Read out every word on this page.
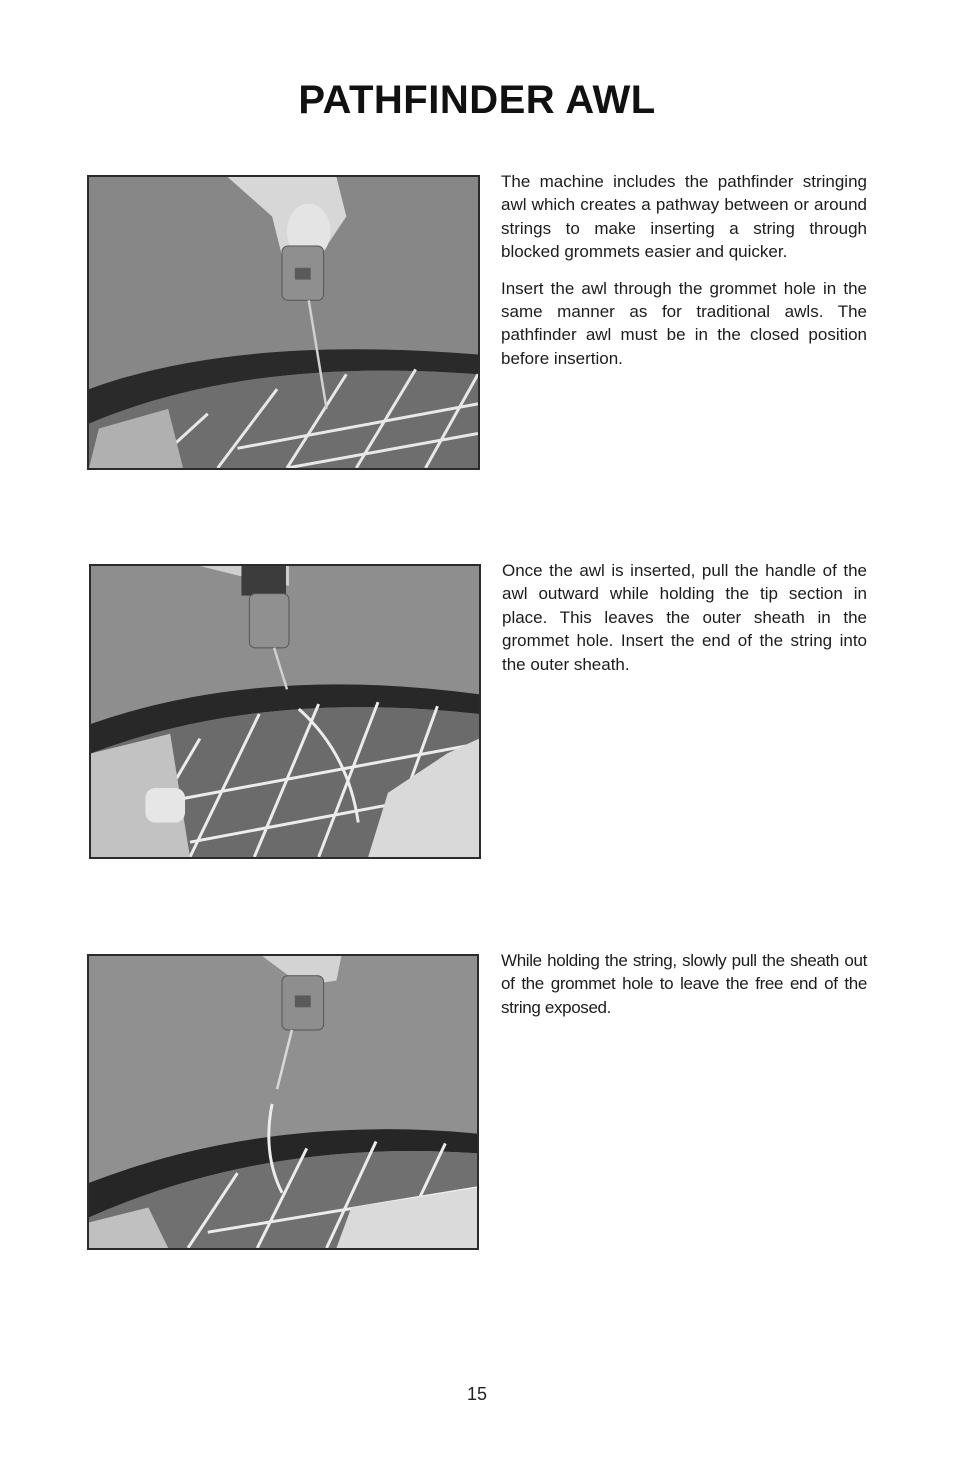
PATHFINDER AWL

The machine includes the pathfinder stringing awl which creates a pathway between or around strings to make inserting a string through blocked grommets easier and quicker.

Insert the awl through the grommet hole in the same manner as for traditional awls. The pathfinder awl must be in the closed position before insertion.

Once the awl is inserted, pull the handle of the awl outward while holding the tip section in place. This leaves the outer sheath in the grommet hole. Insert the end of the string into the outer sheath.

While holding the string, slowly pull the sheath out of the grommet hole to leave the free end of the string exposed.

15
